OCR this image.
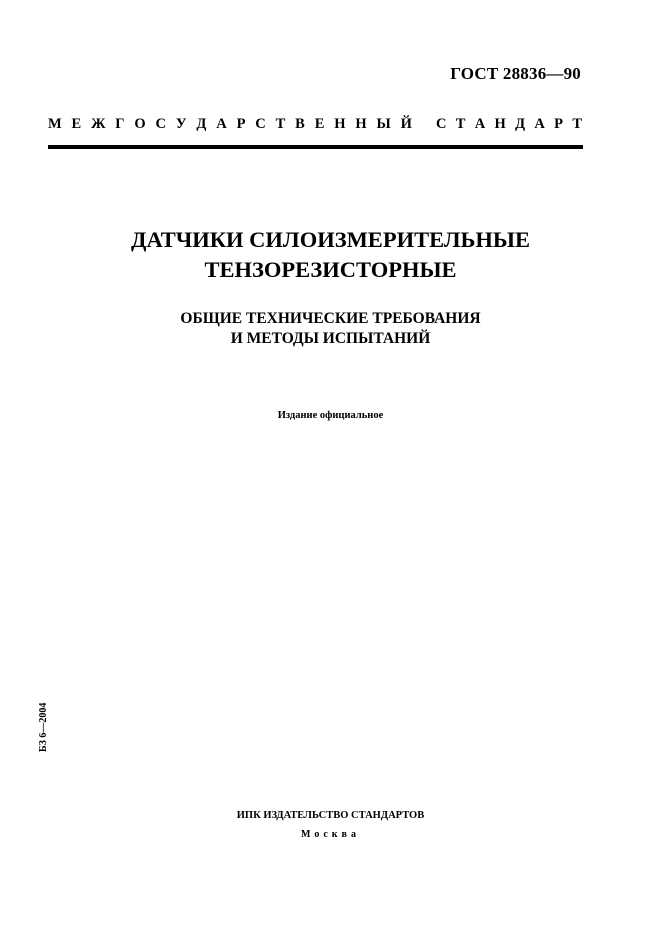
ГОСТ 28836—90
М Е Ж Г О С У Д А Р С Т В Е Н Н Ы Й С Т А Н Д А Р Т
ДАТЧИКИ СИЛОИЗМЕРИТЕЛЬНЫЕ
ТЕНЗОРЕЗИСТОРНЫЕ
ОБЩИЕ ТЕХНИЧЕСКИЕ ТРЕБОВАНИЯ
И МЕТОДЫ ИСПЫТАНИЙ
Издание официальное
БЗ 6—2004
ИПК ИЗДАТЕЛЬСТВО СТАНДАРТОВ
Москва
